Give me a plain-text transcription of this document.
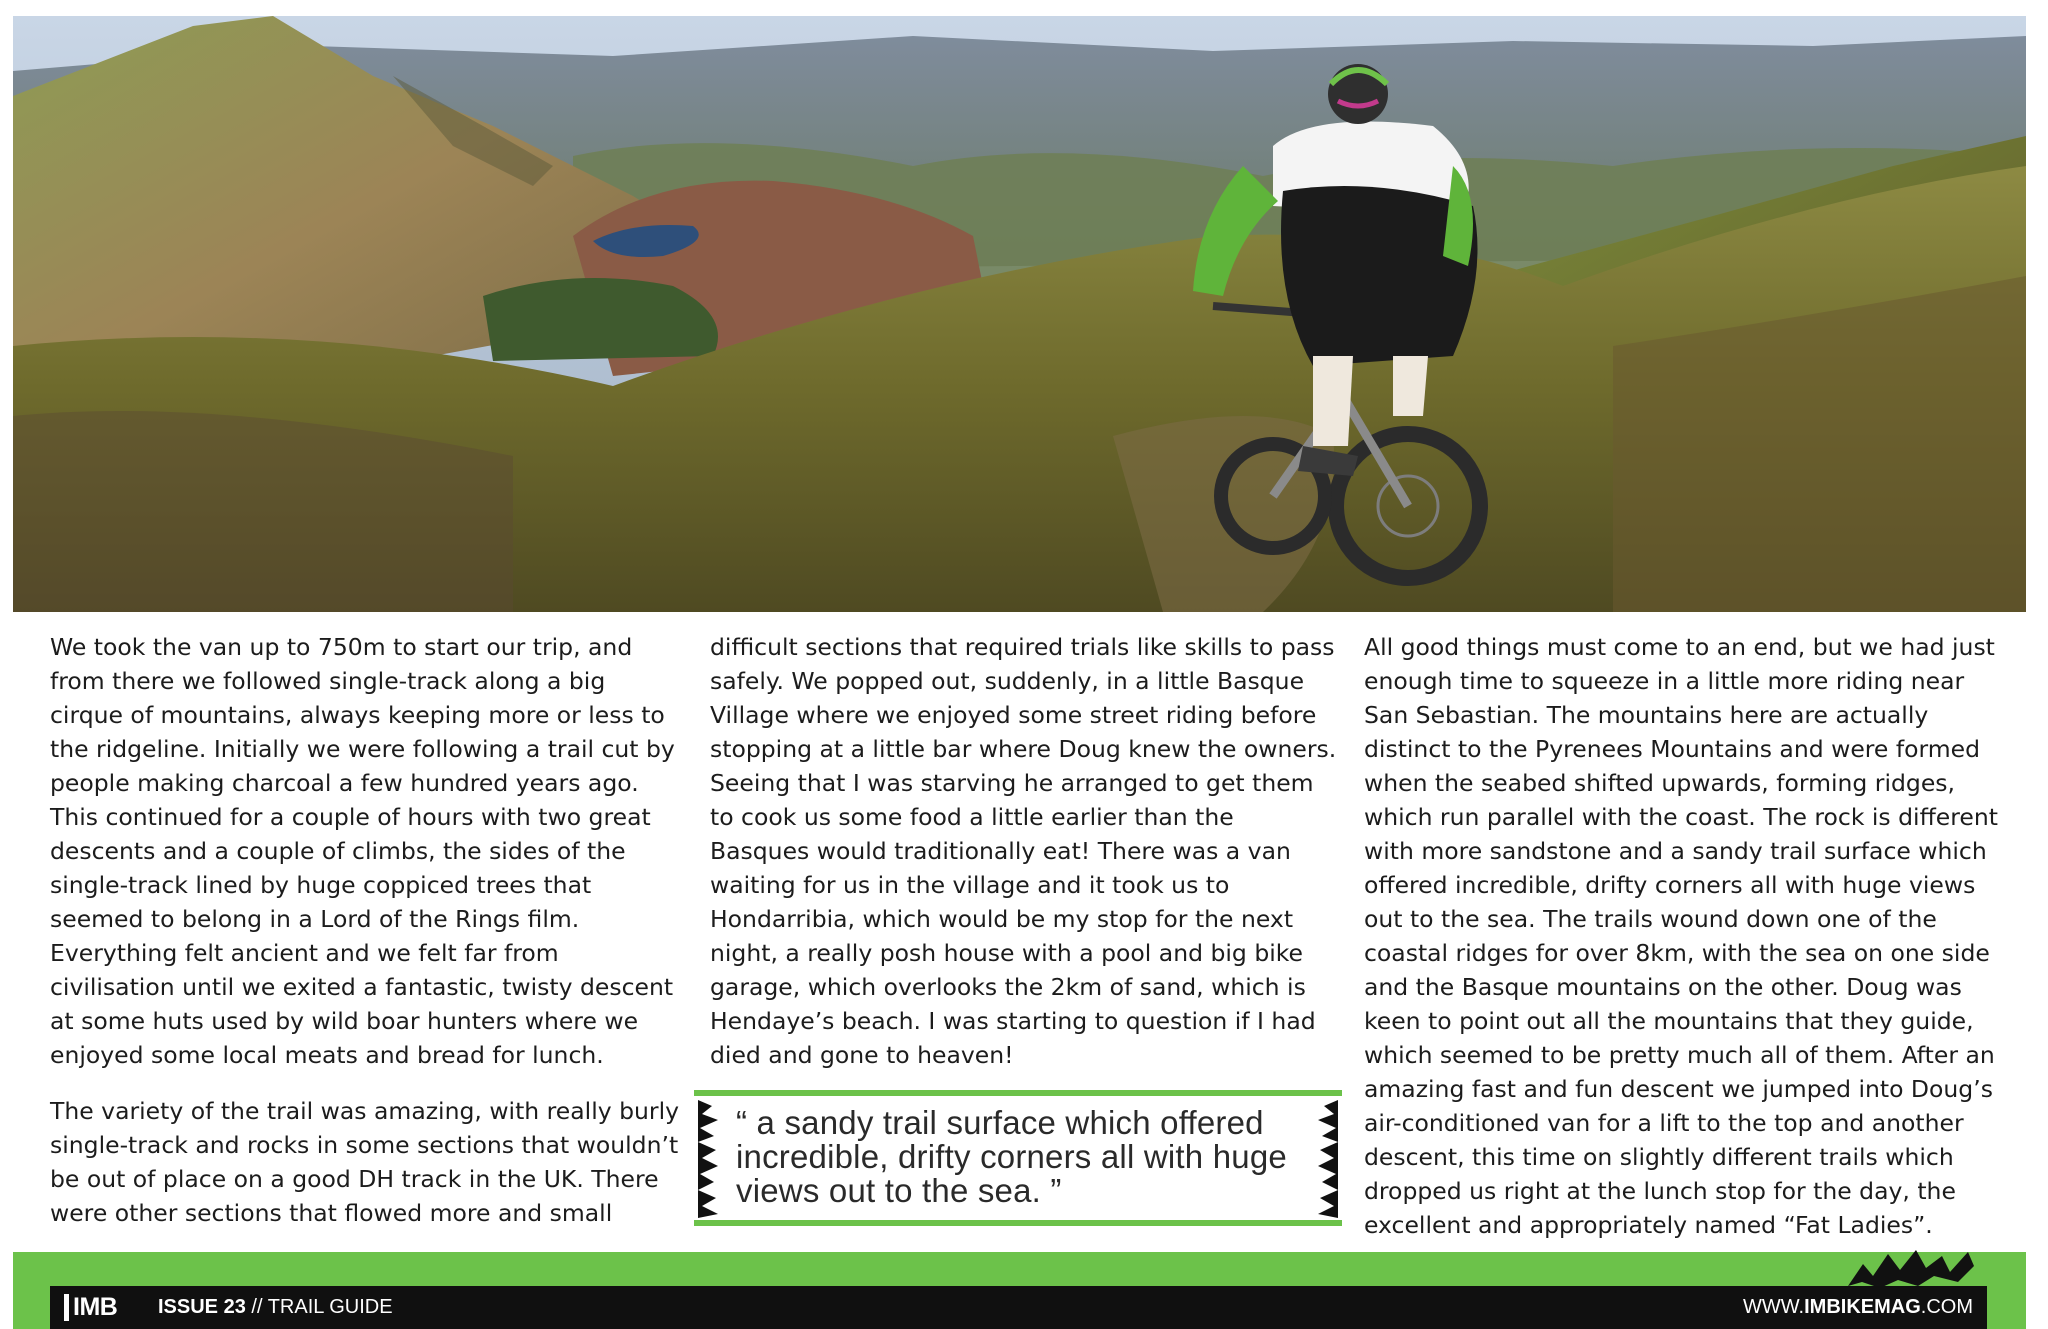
We took the van up to 750m to start our trip, and from there we followed single-track along a big cirque of mountains, always keeping more or less to the ridgeline. Initially we were following a trail cut by people making charcoal a few hundred years ago. This continued for a couple of hours with two great descents and a couple of climbs, the sides of the single-track lined by huge coppiced trees that seemed to belong in a Lord of the Rings film. Everything felt ancient and we felt far from civilisation until we exited a fantastic, twisty descent at some huts used by wild boar hunters where we enjoyed some local meats and bread for lunch.

The variety of the trail was amazing, with really burly single-track and rocks in some sections that wouldn’t be out of place on a good DH track in the UK. There were other sections that flowed more and small

difficult sections that required trials like skills to pass safely. We popped out, suddenly, in a little Basque Village where we enjoyed some street riding before stopping at a little bar where Doug knew the owners. Seeing that I was starving he arranged to get them to cook us some food a little earlier than the Basques would traditionally eat! There was a van waiting for us in the village and it took us to Hondarribia, which would be my stop for the next night, a really posh house with a pool and big bike garage, which overlooks the 2km of sand, which is Hendaye’s beach. I was starting to question if I had died and gone to heaven!

“ a sandy trail surface which offered incredible, drifty corners all with huge views out to the sea. ”

All good things must come to an end, but we had just enough time to squeeze in a little more riding near San Sebastian. The mountains here are actually distinct to the Pyrenees Mountains and were formed when the seabed shifted upwards, forming ridges, which run parallel with the coast. The rock is different with more sandstone and a sandy trail surface which offered incredible, drifty corners all with huge views out to the sea. The trails wound down one of the coastal ridges for over 8km, with the sea on one side and the Basque mountains on the other. Doug was keen to point out all the mountains that they guide, which seemed to be pretty much all of them. After an amazing fast and fun descent we jumped into Doug’s air-conditioned van for a lift to the top and another descent, this time on slightly different trails which dropped us right at the lunch stop for the day, the excellent and appropriately named “Fat Ladies”.

IMB ISSUE 23 // TRAIL GUIDE	WWW.IMBIKEMAG.COM
